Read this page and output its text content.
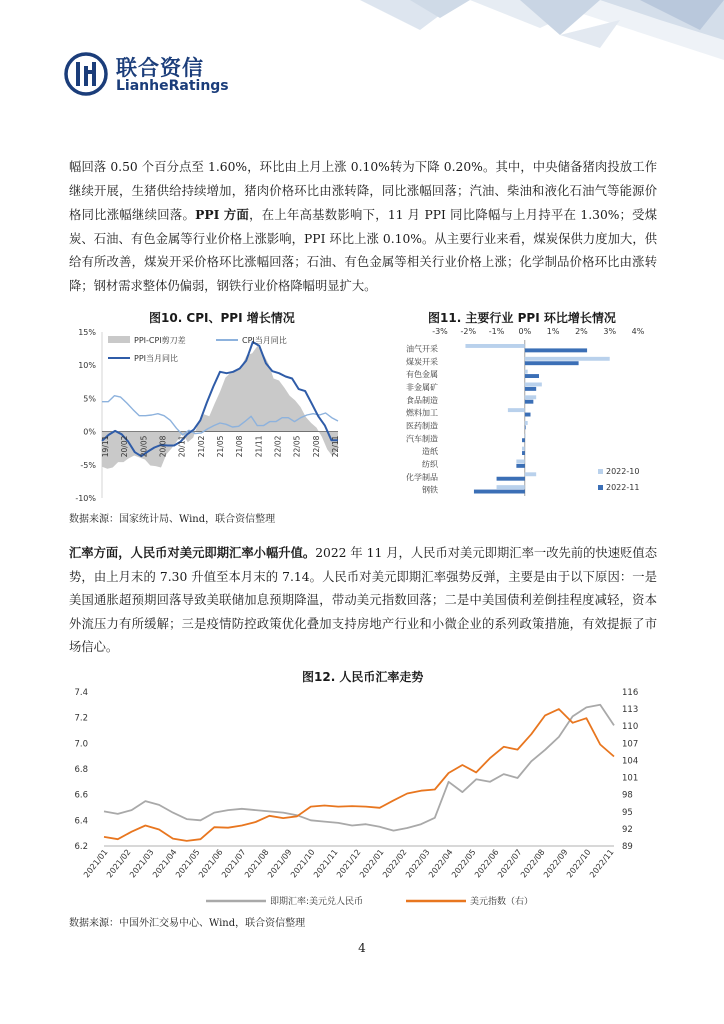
联合资信
LianheRatings
幅回落 0.50 个百分点至 1.60%，环比由上月上涨 0.10%转为下降 0.20%。其中，中央储备猪肉投放工作继续开展，生猪供给持续增加，猪肉价格环比由涨转降，同比涨幅回落；汽油、柴油和液化石油气等能源价格同比涨幅继续回落。PPI 方面，在上年高基数影响下，11 月 PPI 同比降幅与上月持平在 1.30%；受煤炭、石油、有色金属等行业价格上涨影响，PPI 环比上涨 0.10%。从主要行业来看，煤炭保供力度加大，供给有所改善，煤炭开采价格环比涨幅回落；石油、有色金属等相关行业价格上涨；化学制品价格环比由涨转降；钢材需求整体仍偏弱，钢铁行业价格降幅明显扩大。
图10. CPI、PPI 增长情况
-10%
-5%
0%
5%
10%
15%
19/11 20/02 20/05 20/08 20/11 21/02 21/05 21/08 21/11 22/02 22/05 22/08 22/11
PPI-CPI剪刀差	CPI当月同比
PPI当月同比
图11. 主要行业 PPI 环比增长情况
-3% -2% -1% 0% 1% 2% 3% 4%
油气开采
煤炭开采
有色金属
非金属矿
食品制造
燃料加工
医药制造
汽车制造
造纸
纺织
化学制品
钢铁
2022-10
2022-11
数据来源：国家统计局、Wind，联合资信整理
汇率方面，人民币对美元即期汇率小幅升值。2022 年 11 月，人民币对美元即期汇率一改先前的快速贬值态势，由上月末的 7.30 升值至本月末的 7.14。人民币对美元即期汇率强势反弹，主要是由于以下原因：一是美国通胀超预期回落导致美联储加息预期降温，带动美元指数回落；二是中美国债利差倒挂程度减轻，资本外流压力有所缓解；三是疫情防控政策优化叠加支持房地产行业和小微企业的系列政策措施，有效提振了市场信心。
图12. 人民币汇率走势
6.2
6.4
6.6
6.8
7.0
7.2
7.4
89
92
95
98
101
104
107
110
113
116
2021/01
2021/02
2021/03
2021/04
2021/05
2021/06
2021/07
2021/08
2021/09
2021/10
2021/11
2021/12
2022/01
2022/02
2022/03
2022/04
2022/05
2022/06
2022/07
2022/08
2022/09
2022/10
2022/11
即期汇率:美元兑人民币	美元指数（右）
数据来源：中国外汇交易中心、Wind，联合资信整理
4
